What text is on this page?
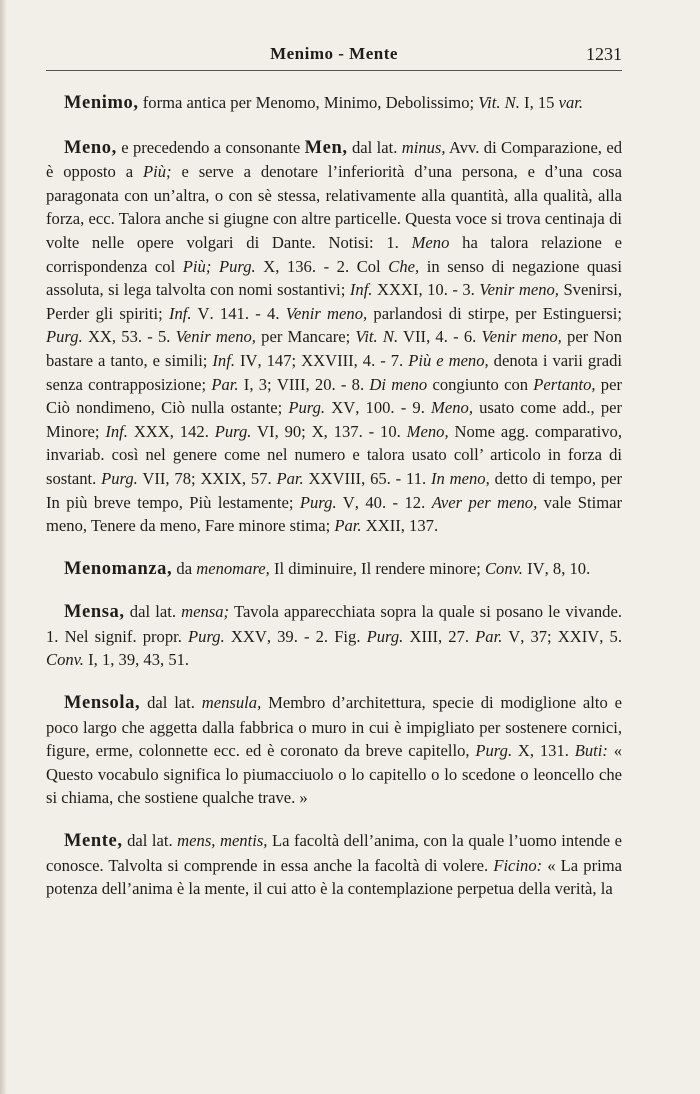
Menimo - Mente	1231

Menimo, forma antica per Menomo, Minimo, Debolissimo; Vit. N. I, 15 var.

Meno, e precedendo a consonante Men, dal lat. minus, Avv. di Comparazione, ed è opposto a Più; e serve a denotare l’inferiorità d’una persona, e d’una cosa paragonata con un’altra, o con sè stessa, relativamente alla quantità, alla qualità, alla forza, ecc. Talora anche si giugne con altre particelle. Questa voce si trova centinaja di volte nelle opere volgari di Dante. Notisi: 1. Meno ha talora relazione e corrispondenza col Più; Purg. X, 136. - 2. Col Che, in senso di negazione quasi assoluta, si lega talvolta con nomi sostantivi; Inf. XXXI, 10. - 3. Venir meno, Svenirsi, Perder gli spiriti; Inf. V. 141. - 4. Venir meno, parlandosi di stirpe, per Estinguersi; Purg. XX, 53. - 5. Venir meno, per Mancare; Vit. N. VII, 4. - 6. Venir meno, per Non bastare a tanto, e simili; Inf. IV, 147; XXVIII, 4. - 7. Più e meno, denota i varii gradi senza contrapposizione; Par. I, 3; VIII, 20. - 8. Di meno congiunto con Pertanto, per Ciò nondimeno, Ciò nulla ostante; Purg. XV, 100. - 9. Meno, usato come add., per Minore; Inf. XXX, 142. Purg. VI, 90; X, 137. - 10. Meno, Nome agg. comparativo, invariab. così nel genere come nel numero e talora usato coll’ articolo in forza di sostant. Purg. VII, 78; XXIX, 57. Par. XXVIII, 65. - 11. In meno, detto di tempo, per In più breve tempo, Più lestamente; Purg. V, 40. - 12. Aver per meno, vale Stimar meno, Tenere da meno, Fare minore stima; Par. XXII, 137.

Menomanza, da menomare, Il diminuire, Il rendere minore; Conv. IV, 8, 10.

Mensa, dal lat. mensa; Tavola apparecchiata sopra la quale si posano le vivande. 1. Nel signif. propr. Purg. XXV, 39. - 2. Fig. Purg. XIII, 27. Par. V, 37; XXIV, 5. Conv. I, 1, 39, 43, 51.

Mensola, dal lat. mensula, Membro d’architettura, specie di modiglione alto e poco largo che aggetta dalla fabbrica o muro in cui è impigliato per sostenere cornici, figure, erme, colonnette ecc. ed è coronato da breve capitello, Purg. X, 131. Buti: « Questo vocabulo significa lo piumacciuolo o lo capitello o lo scedone o leoncello che si chiama, che sostiene qualche trave. »

Mente, dal lat. mens, mentis, La facoltà dell’anima, con la quale l’uomo intende e conosce. Talvolta si comprende in essa anche la facoltà di volere. Ficino: « La prima potenza dell’anima è la mente, il cui atto è la contemplazione perpetua della verità, la
